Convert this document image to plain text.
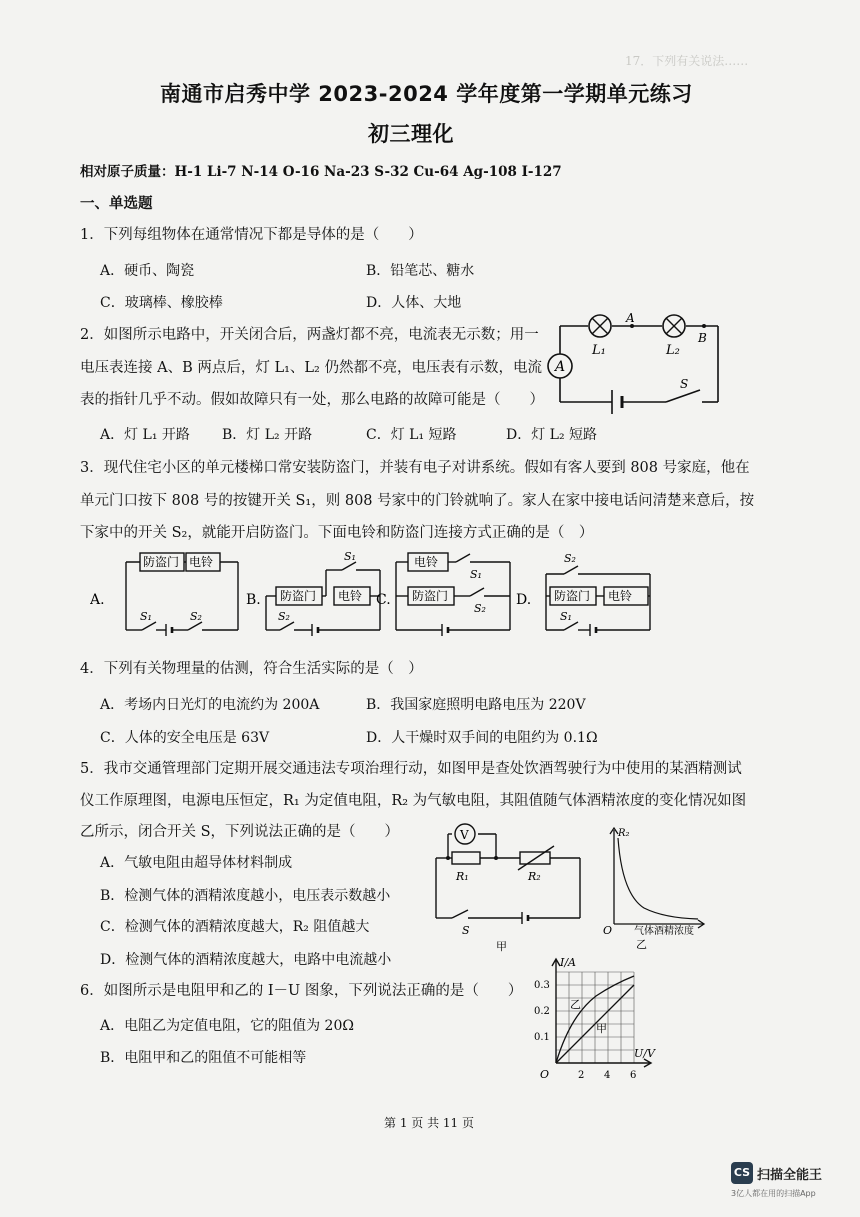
17．下列有关说法……
南通市启秀中学 2023-2024 学年度第一学期单元练习
初三理化
相对原子质量：H-1 Li-7 N-14 O-16 Na-23 S-32 Cu-64 Ag-108 I-127
一、单选题
1．下列每组物体在通常情况下都是导体的是（　　）
A．硬币、陶瓷	B．铅笔芯、糖水
C．玻璃棒、橡胶棒	D．人体、大地
2．如图所示电路中，开关闭合后，两盏灯都不亮，电流表无示数；用一
电压表连接 A、B 两点后，灯 L₁、L₂ 仍然都不亮，电压表有示数，电流
表的指针几乎不动。假如故障只有一处，那么电路的故障可能是（　　）
A．灯 L₁ 开路 B．灯 L₂ 开路	C．灯 L₁ 短路	D．灯 L₂ 短路
A
A
B
L₁	L₂
S
3．现代住宅小区的单元楼梯口常安装防盗门，并装有电子对讲系统。假如有客人要到 808 号家庭，他在
单元门口按下 808 号的按键开关 S₁，则 808 号家中的门铃就响了。家人在家中接电话问清楚来意后，按
下家中的开关 S₂，就能开启防盗门。下面电铃和防盗门连接方式正确的是（　）
A.	B.	C.	D.
防盗门 电铃
防盗门 电铃
电铃
防盗门	防盗门 电铃
S₁	S₂
S₁
S₂
S₁
S₂
S₂
S₁
4．下列有关物理量的估测，符合生活实际的是（　）
A．考场内日光灯的电流约为 200A	B．我国家庭照明电路电压为 220V
C．人体的安全电压是 63V	D．人干燥时双手间的电阻约为 0.1Ω
5．我市交通管理部门定期开展交通违法专项治理行动，如图甲是查处饮酒驾驶行为中使用的某酒精测试
仪工作原理图，电源电压恒定，R₁ 为定值电阻，R₂ 为气敏电阻，其阻值随气体酒精浓度的变化情况如图
乙所示，闭合开关 S，下列说法正确的是（　　）
A．气敏电阻由超导体材料制成
B．检测气体的酒精浓度越小，电压表示数越小
C．检测气体的酒精浓度越大，R₂ 阻值越大
D．检测气体的酒精浓度越大，电路中电流越小
V
R₁	R₂
S
甲
R₂
O 气体酒精浓度
乙
6．如图所示是电阻甲和乙的 I－U 图象，下列说法正确的是（　　）
A．电阻乙为定值电阻，它的阻值为 20Ω
B．电阻甲和乙的阻值不可能相等
I/A
U/V
O
0.3
0.2
0.1
2 4 6
乙
甲
第 1 页 共 11 页
CS 扫描全能王
3亿人都在用的扫描App
